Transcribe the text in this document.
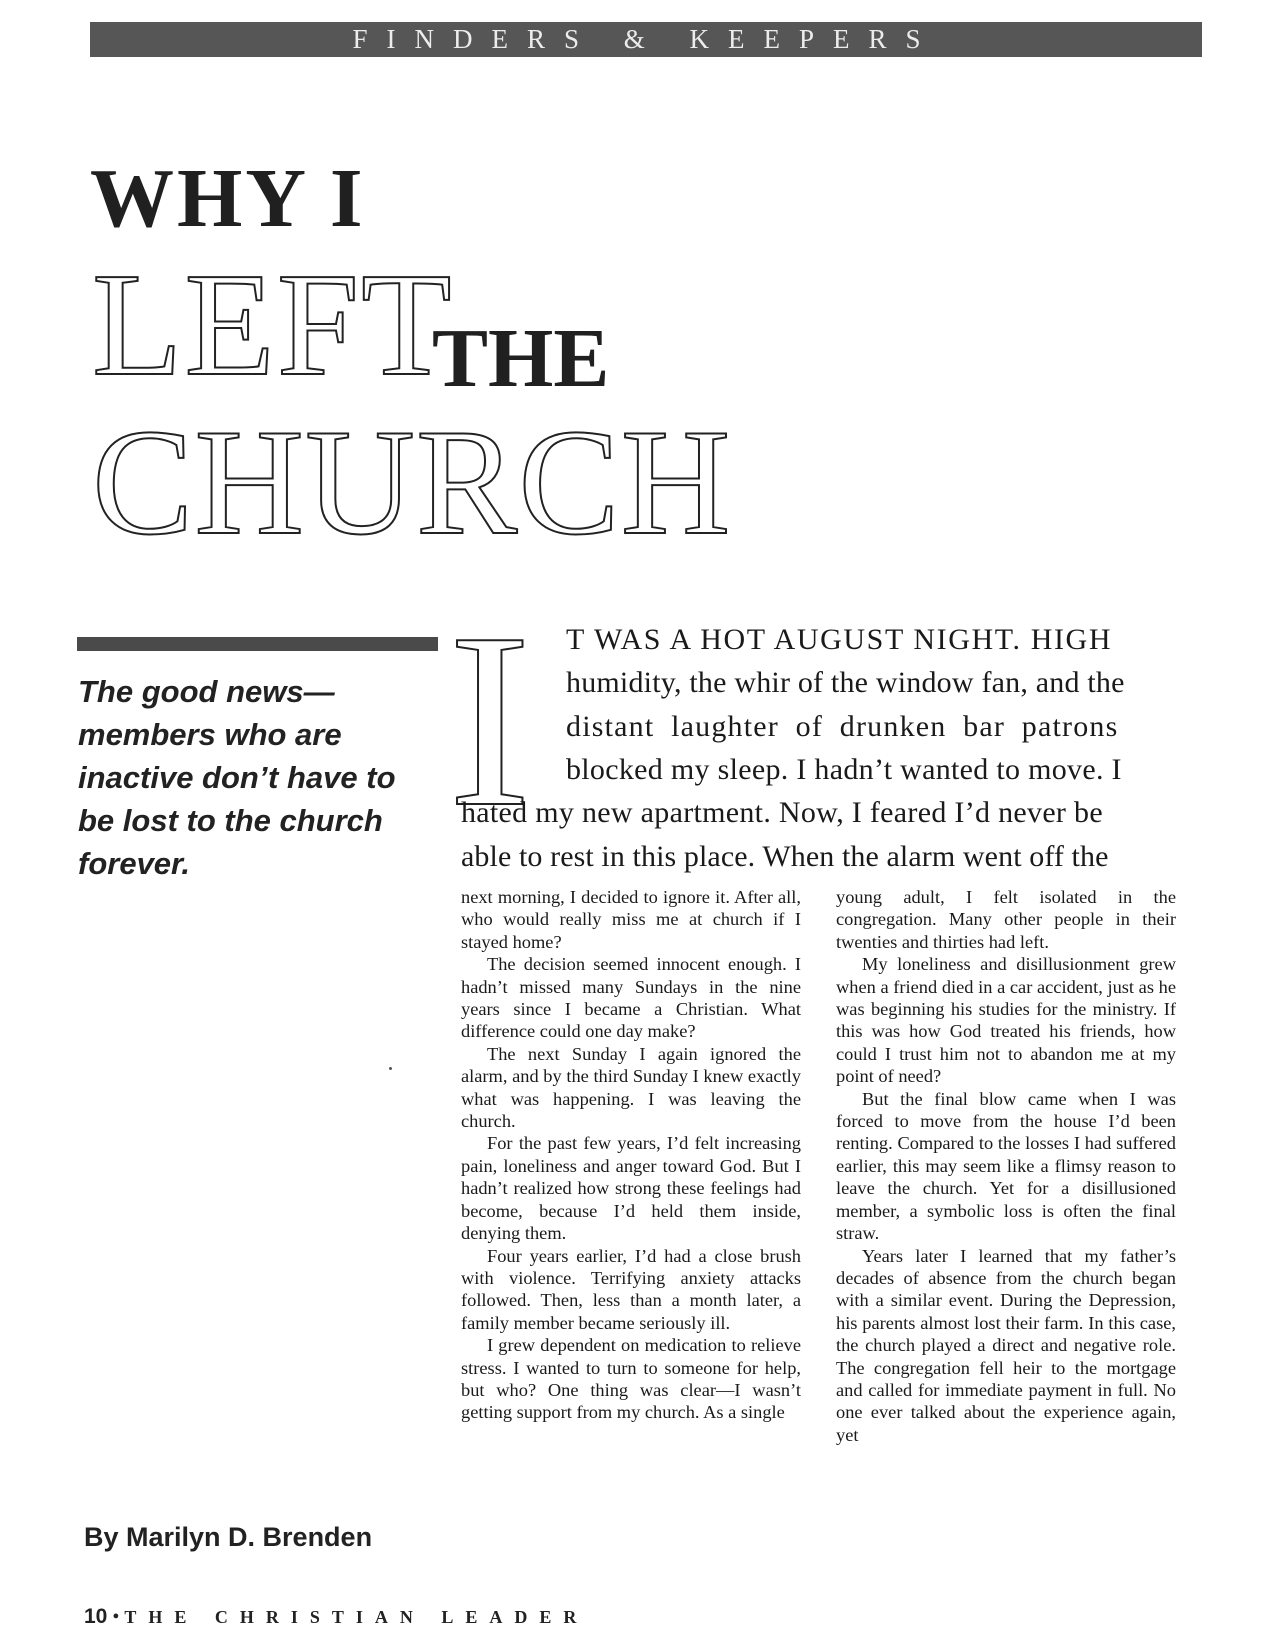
FINDERS & KEEPERS
WHY I
LEFT
THE
CHURCH
The good news—members who are inactive don’t have to be lost to the church forever.
By Marilyn D. Brenden
I T WAS A HOT AUGUST NIGHT. HIGH
humidity, the whir of the window fan, and the
distant laughter of drunken bar patrons
blocked my sleep. I hadn’t wanted to move. I
hated my new apartment. Now, I feared I’d never be
able to rest in this place. When the alarm went off the

next morning, I decided to ignore it. After all, who would really miss me at church if I stayed home?

The decision seemed innocent enough. I hadn’t missed many Sundays in the nine years since I became a Christian. What difference could one day make?

The next Sunday I again ignored the alarm, and by the third Sunday I knew exactly what was happening. I was leaving the church.

For the past few years, I’d felt increasing pain, loneliness and anger toward God. But I hadn’t realized how strong these feelings had become, because I’d held them inside, denying them.

Four years earlier, I’d had a close brush with violence. Terrifying anxiety attacks followed. Then, less than a month later, a family member became seriously ill.

I grew dependent on medication to relieve stress. I wanted to turn to someone for help, but who? One thing was clear—I wasn’t getting support from my church. As a single

young adult, I felt isolated in the congregation. Many other people in their twenties and thirties had left.

My loneliness and disillusionment grew when a friend died in a car accident, just as he was beginning his studies for the ministry. If this was how God treated his friends, how could I trust him not to abandon me at my point of need?

But the final blow came when I was forced to move from the house I’d been renting. Compared to the losses I had suffered earlier, this may seem like a flimsy reason to leave the church. Yet for a disillusioned member, a symbolic loss is often the final straw.

Years later I learned that my father’s decades of absence from the church began with a similar event. During the Depression, his parents almost lost their farm. In this case, the church played a direct and negative role. The congregation fell heir to the mortgage and called for immediate payment in full. No one ever talked about the experience again, yet

10 • THE CHRISTIAN LEADER
